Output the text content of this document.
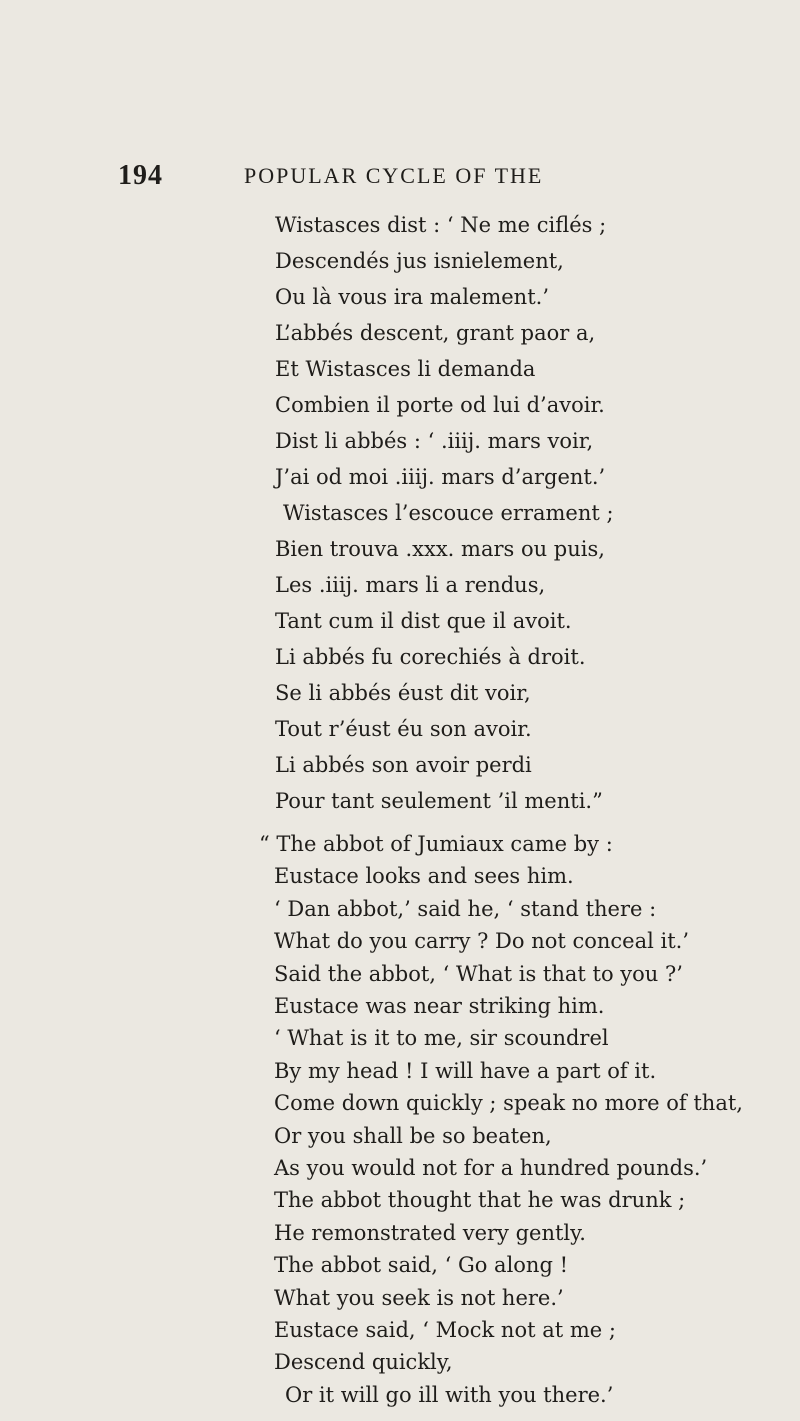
194	POPULAR CYCLE OF THE
Wistasces dist : ‘ Ne me ciflés ;
Descendés jus isnielement,
Ou là vous ira malement.’
L’abbés descent, grant paor a,
Et Wistasces li demanda
Combien il porte od lui d’avoir.
Dist li abbés : ‘ .iiij. mars voir,
J’ai od moi .iiij. mars d’argent.’
Wistasces l’escouce errament ;
Bien trouva .xxx. mars ou puis,
Les .iiij. mars li a rendus,
Tant cum il dist que il avoit.
Li abbés fu corechiés à droit.
Se li abbés éust dit voir,
Tout r’éust éu son avoir.
Li abbés son avoir perdi
Pour tant seulement ’il menti.”
“ The abbot of Jumiaux came by :
Eustace looks and sees him.
‘ Dan abbot,’ said he, ‘ stand there :
What do you carry ? Do not conceal it.’
Said the abbot, ‘ What is that to you ?’
Eustace was near striking him.
‘ What is it to me, sir scoundrel
By my head ! I will have a part of it.
Come down quickly ; speak no more of that,
Or you shall be so beaten,
As you would not for a hundred pounds.’
The abbot thought that he was drunk ;
He remonstrated very gently.
The abbot said, ‘ Go along !
What you seek is not here.’
Eustace said, ‘ Mock not at me ;
Descend quickly,
Or it will go ill with you there.’
